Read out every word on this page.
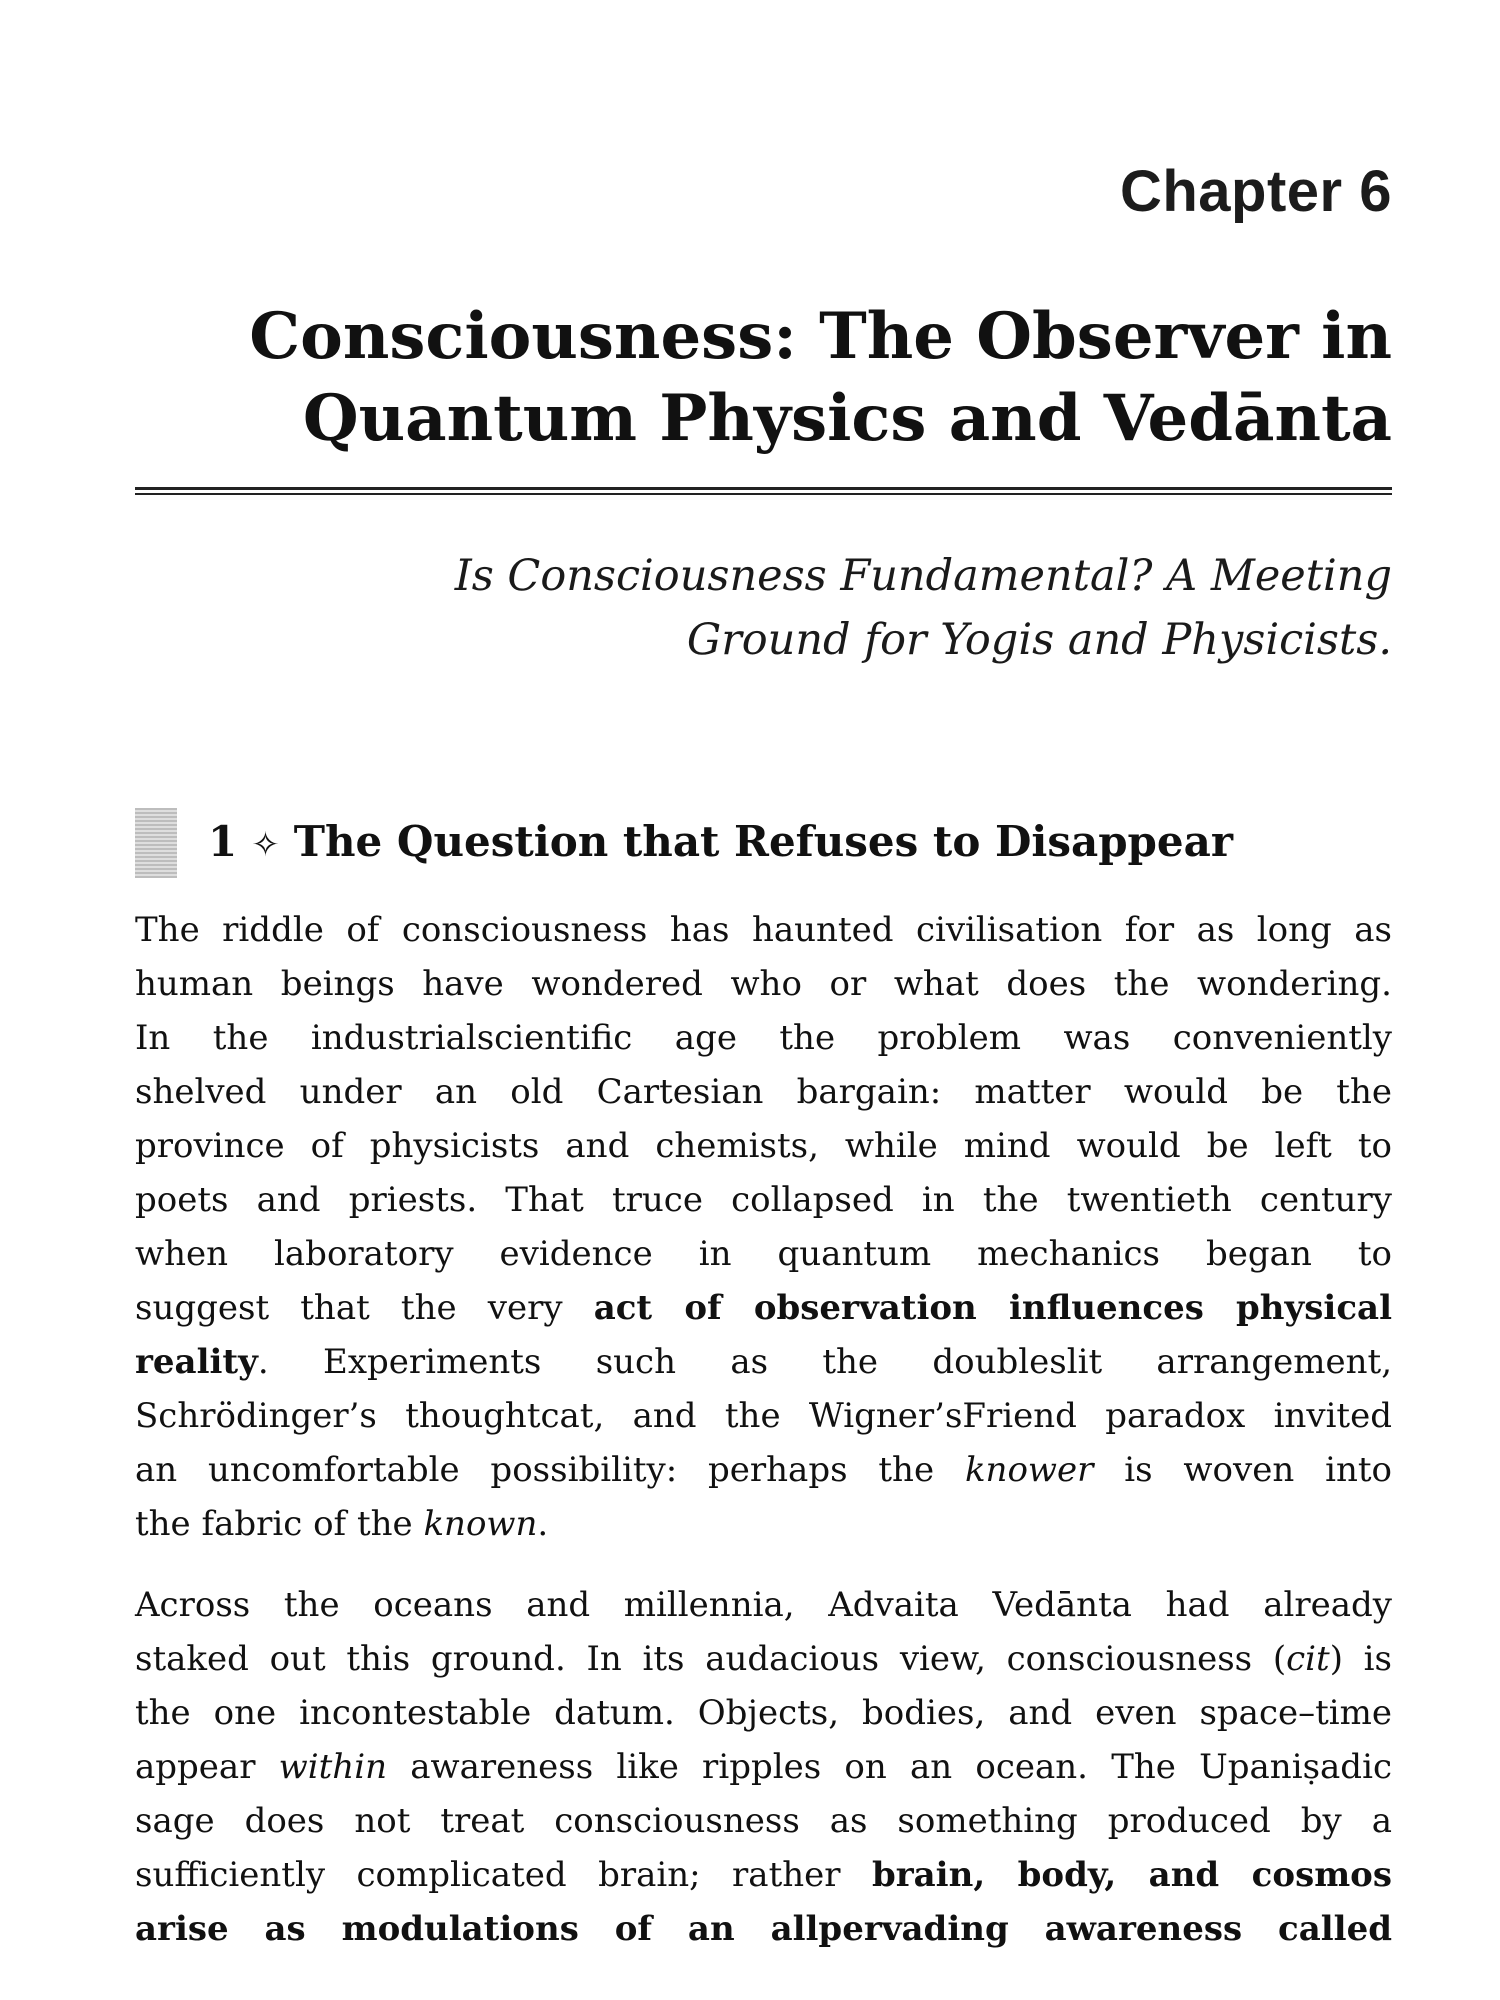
Chapter 6
Consciousness: The Observer in
Quantum Physics and Vedānta

Is Consciousness Fundamental? A Meeting
Ground for Yogis and Physicists.

1 ✧ The Question that Refuses to Disappear
The riddle of consciousness has haunted civilisation for as long as
human beings have wondered who or what does the wondering.
In the industrialscientific age the problem was conveniently
shelved under an old Cartesian bargain: matter would be the
province of physicists and chemists, while mind would be left to
poets and priests. That truce collapsed in the twentieth century
when laboratory evidence in quantum mechanics began to
suggest that the very act of observation influences physical
reality. Experiments such as the doubleslit arrangement,
Schrödinger’s thoughtcat, and the Wigner’sFriend paradox invited
an uncomfortable possibility: perhaps the knower is woven into
the fabric of the known.
Across the oceans and millennia, Advaita Vedānta had already
staked out this ground. In its audacious view, consciousness (cit) is
the one incontestable datum. Objects, bodies, and even space–time
appear within awareness like ripples on an ocean. The Upaniṣadic
sage does not treat consciousness as something produced by a
sufficiently complicated brain; rather brain, body, and cosmos
arise as modulations of an allpervading awareness called
